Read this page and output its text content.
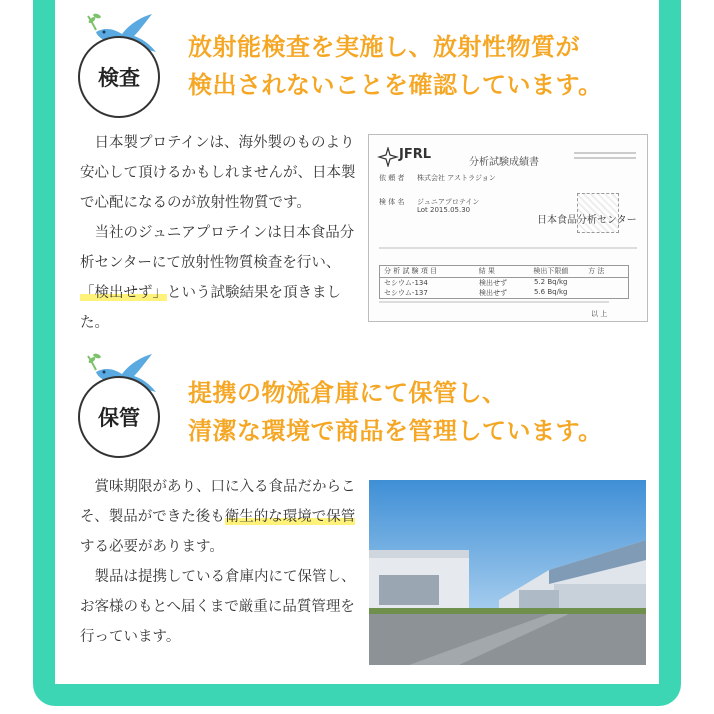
検査
放射能検査を実施し、放射性物質が
検出されないことを確認しています。

日本製プロテインは、海外製のものより安心して頂けるかもしれませんが、日本製で心配になるのが放射性物質です。

当社のジュニアプロテインは日本食品分析センターにて放射性物質検査を行い、「検出せず」という試験結果を頂きました。

JFRL
分析試験成績書
依 頼 者 株式会社 アストラジョン
検 体 名 ジュニアプロテイン
Lot 2015.05.30
日本食品分析センター
分 析 試 験 項 目	結 果	検出下限値	方 法
セシウム-134	検出せず	5.2 Bq/kg
セシウム-137	検出せず	5.6 Bq/kg
以 上
保管
提携の物流倉庫にて保管し、
清潔な環境で商品を管理しています。

賞味期限があり、口に入る食品だからこそ、製品ができた後も衛生的な環境で保管する必要があります。

製品は提携している倉庫内にて保管し、お客様のもとへ届くまで厳重に品質管理を行っています。
